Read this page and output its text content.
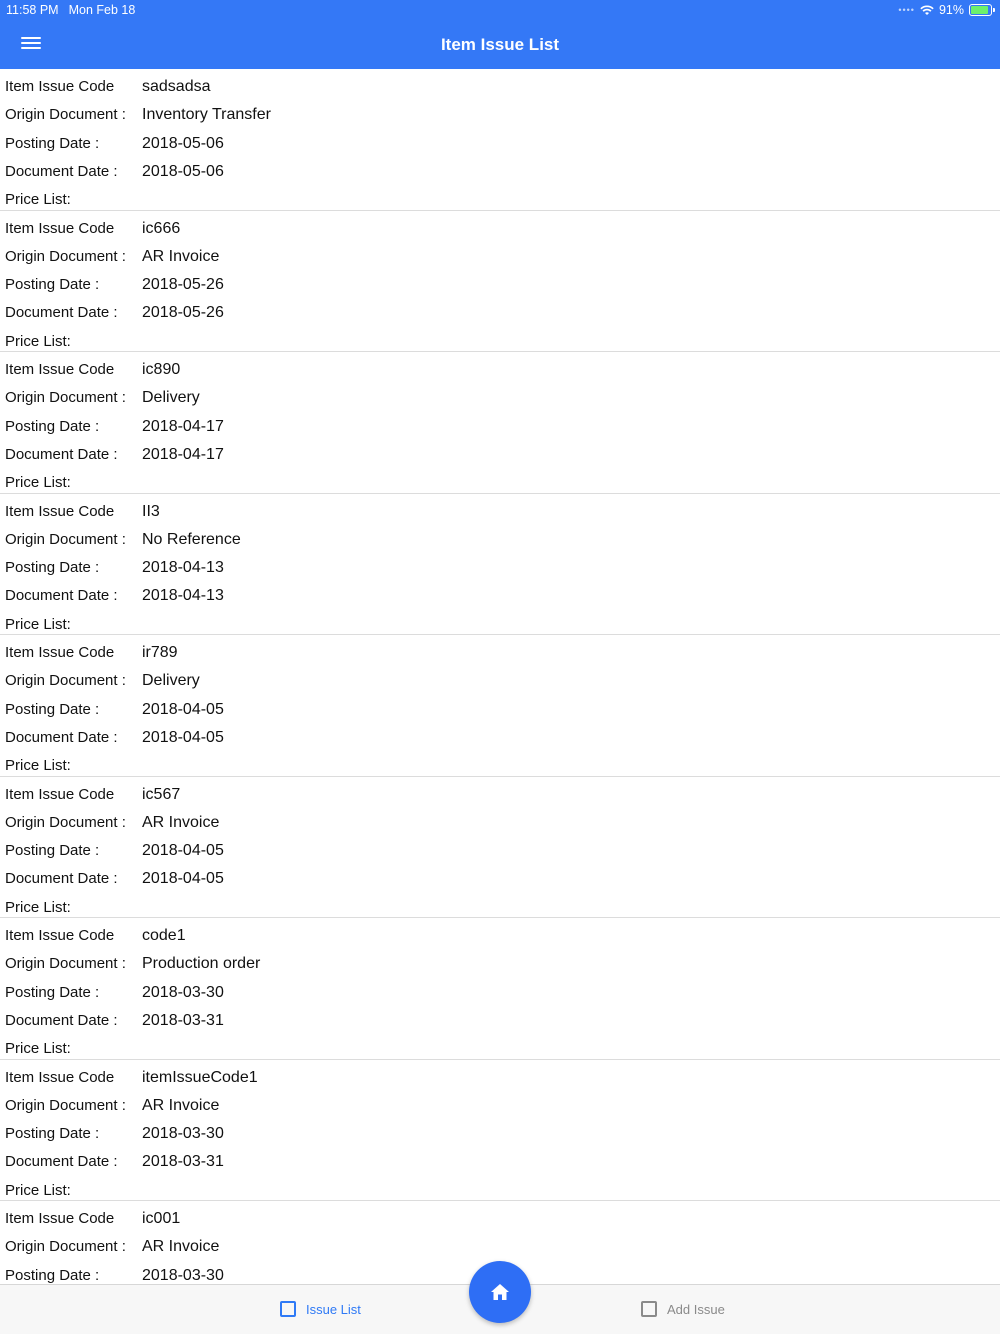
11:58 PM Mon Feb 18	•••• 91%
Item Issue List
Item Issue Code sadsadsa
Origin Document : Inventory Transfer
Posting Date :	2018-05-06
Document Date : 2018-05-06
Price List:
Item Issue Code ic666
Origin Document : AR Invoice
Posting Date :	2018-05-26
Document Date : 2018-05-26
Price List:
Item Issue Code ic890
Origin Document : Delivery
Posting Date :	2018-04-17
Document Date : 2018-04-17
Price List:
Item Issue Code II3
Origin Document : No Reference
Posting Date :	2018-04-13
Document Date : 2018-04-13
Price List:
Item Issue Code ir789
Origin Document : Delivery
Posting Date :	2018-04-05
Document Date : 2018-04-05
Price List:
Item Issue Code ic567
Origin Document : AR Invoice
Posting Date :	2018-04-05
Document Date : 2018-04-05
Price List:
Item Issue Code code1
Origin Document : Production order
Posting Date :	2018-03-30
Document Date : 2018-03-31
Price List:
Item Issue Code itemIssueCode1
Origin Document : AR Invoice
Posting Date :	2018-03-30
Document Date : 2018-03-31
Price List:
Item Issue Code ic001
Origin Document : AR Invoice
Posting Date :	2018-03-30
Issue List	Add Issue
